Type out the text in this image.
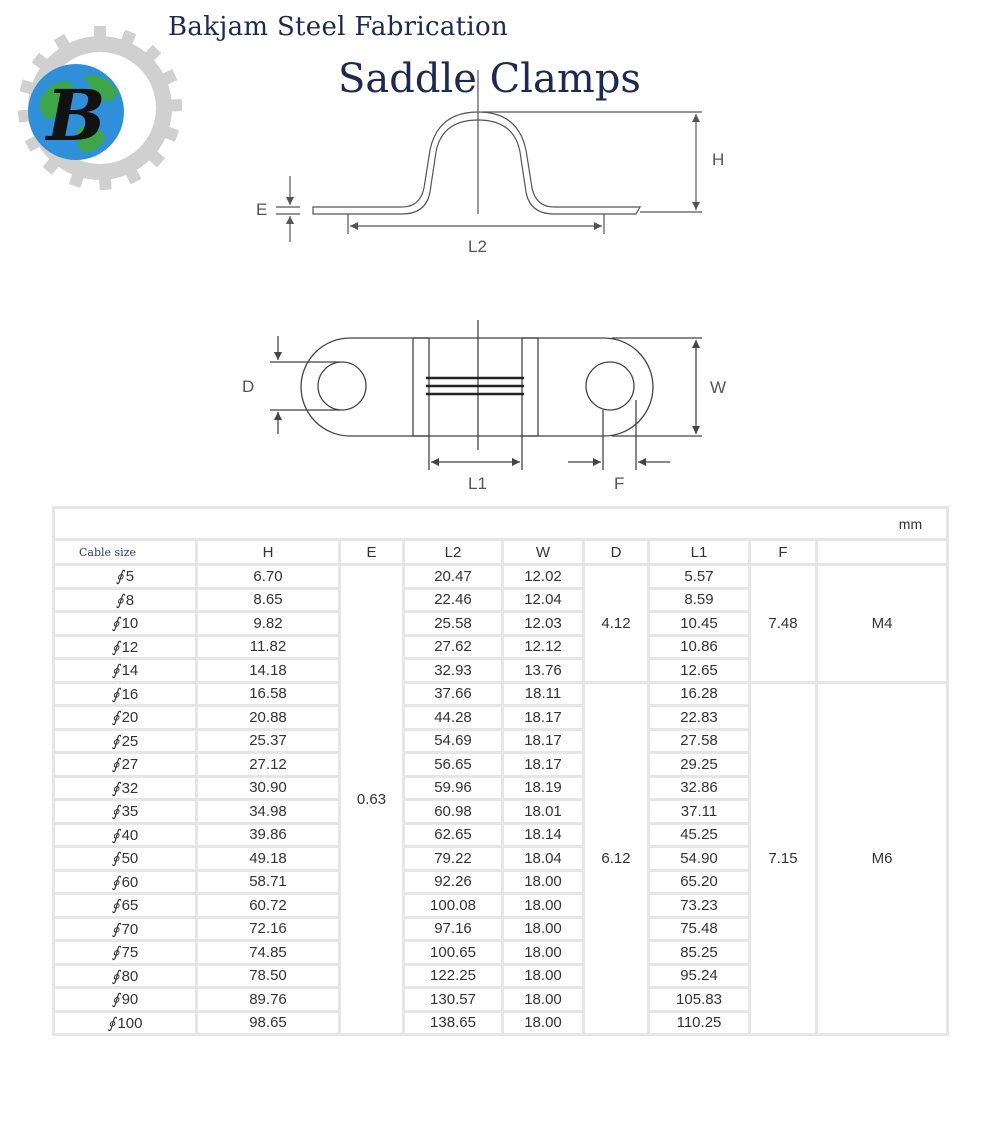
B
Bakjam Steel Fabrication
Saddle Clamps
H
E
L2
D	W
L1	F
mm								
Cable size	H	E	L2	W	D	L1	F	
∮ 5	6.70	0.63	20.47	12.02	4.12	5.57	7.48	M4
∮ 8	8.65		22.46	12.04		8.59		
∮ 10	9.82		25.58	12.03		10.45		
∮ 12	11.82		27.62	12.12		10.86		
∮ 14	14.18		32.93	13.76		12.65		
∮ 16	16.58		37.66	18.11	6.12	16.28	7.15	M6
∮ 20	20.88		44.28	18.17		22.83		
∮ 25	25.37		54.69	18.17		27.58		
∮ 27	27.12		56.65	18.17		29.25		
∮ 32	30.90		59.96	18.19		32.86		
∮ 35	34.98		60.98	18.01		37.11		
∮ 40	39.86		62.65	18.14		45.25		
∮ 50	49.18		79.22	18.04		54.90		
∮ 60	58.71		92.26	18.00		65.20		
∮ 65	60.72		100.08	18.00		73.23		
∮ 70	72.16		97.16	18.00		75.48		
∮ 75	74.85		100.65	18.00		85.25		
∮ 80	78.50		122.25	18.00		95.24		
∮ 90	89.76		130.57	18.00		105.83		
∮ 100	98.65		138.65	18.00		110.25		
